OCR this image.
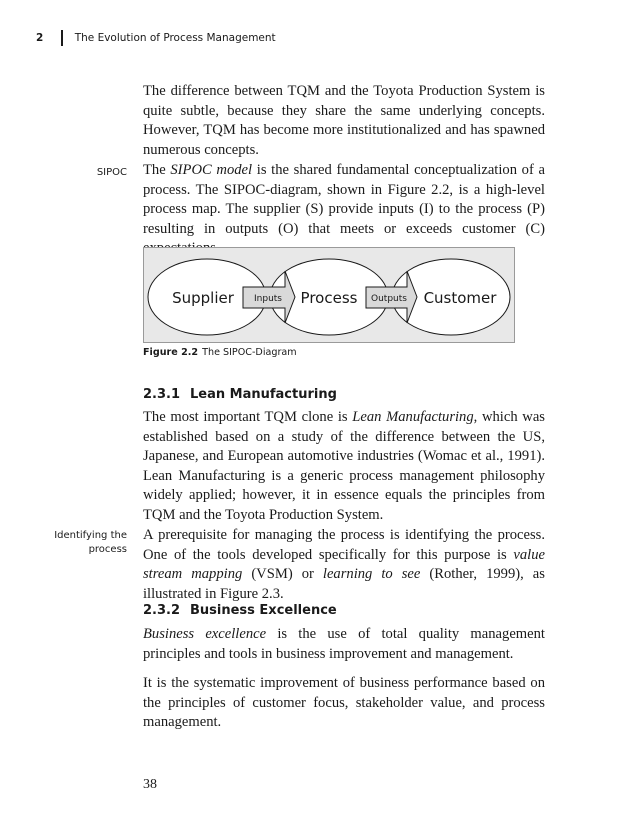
2	The Evolution of Process Management

The difference between TQM and the Toyota Production System is quite subtle, because they share the same underlying concepts. However, TQM has become more institutionalized and has spawned numerous concepts.

SIPOC The SIPOC model is the shared fundamental conceptualization of a process. The SIPOC-diagram, shown in Figure 2.2, is a high-level process map. The supplier (S) provide inputs (I) to the process (P) resulting in outputs (O) that meets or exceeds customer (C)

Supplier	Process	Customer
Inputs	Outputs
Figure 2.2 The SIPOC-Diagram
2.3.1 Lean Manufacturing

The most important TQM clone is Lean Manufacturing, which was established based on a study of the difference between the US, Japanese, and European automotive industries (Womac et al., 1991). Lean Manufacturing is a generic process management philosophy widely applied; however, it in essence equals the principles from TQM and the Toyota Production System.

Identifying the process

A prerequisite for managing the process is identifying the process. One of the tools developed specifically for this purpose is value stream mapping (VSM) or learning to see (Rother, 1999), as illustrated in Figure 2.3.

2.3.2 Business Excellence

Business excellence is the use of total quality management principles and tools in business improvement and management.

It is the systematic improvement of business performance based on the principles of customer focus, stakeholder value, and process management.

38
